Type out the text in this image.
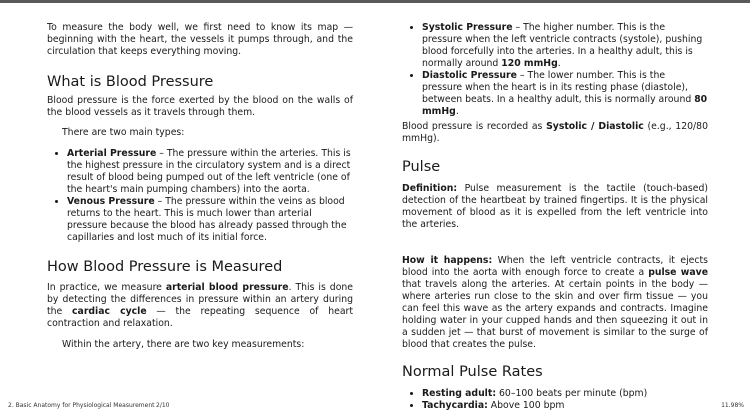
To measure the body well, we first need to know its map — beginning with the heart, the vessels it pumps through, and the circulation that keeps everything moving.

What is Blood Pressure

Blood pressure is the force exerted by the blood on the walls of the blood vessels as it travels through them.

There are two main types:

• Arterial Pressure – The pressure within the arteries. This is the highest pressure in the circulatory system and is a direct result of blood being pumped out of the left ventricle (one of the heart's main pumping chambers) into the aorta.
• Venous Pressure – The pressure within the veins as blood returns to the heart. This is much lower than arterial pressure because the blood has already passed through the capillaries and lost much of its initial force.
How Blood Pressure is Measured

In practice, we measure arterial blood pressure. This is done by detecting the differences in pressure within an artery during the cardiac cycle — the repeating sequence of heart contraction and relaxation.

Within the artery, there are two key measurements:

• Systolic Pressure – The higher number. This is the pressure when the left ventricle contracts (systole), pushing blood forcefully into the arteries. In a healthy adult, this is normally around 120 mmHg.
• Diastolic Pressure – The lower number. This is the pressure when the heart is in its resting phase (diastole), between beats. In a healthy adult, this is normally around 80 mmHg.

Blood pressure is recorded as Systolic / Diastolic (e.g., 120/80 mmHg).

Pulse

Definition: Pulse measurement is the tactile (touch-based) detection of the heartbeat by trained fingertips. It is the physical movement of blood as it is expelled from the left ventricle into the arteries.

How it happens: When the left ventricle contracts, it ejects blood into the aorta with enough force to create a pulse wave that travels along the arteries. At certain points in the body — where arteries run close to the skin and over firm tissue — you can feel this wave as the artery expands and contracts. Imagine holding water in your cupped hands and then squeezing it out in a sudden jet — that burst of movement is similar to the surge of blood that creates the pulse.

Normal Pulse Rates
• Resting adult: 60–100 beats per minute (bpm)
• Tachycardia: Above 100 bpm
2. Basic Anatomy for Physiological Measurement 2/10	11.98%
